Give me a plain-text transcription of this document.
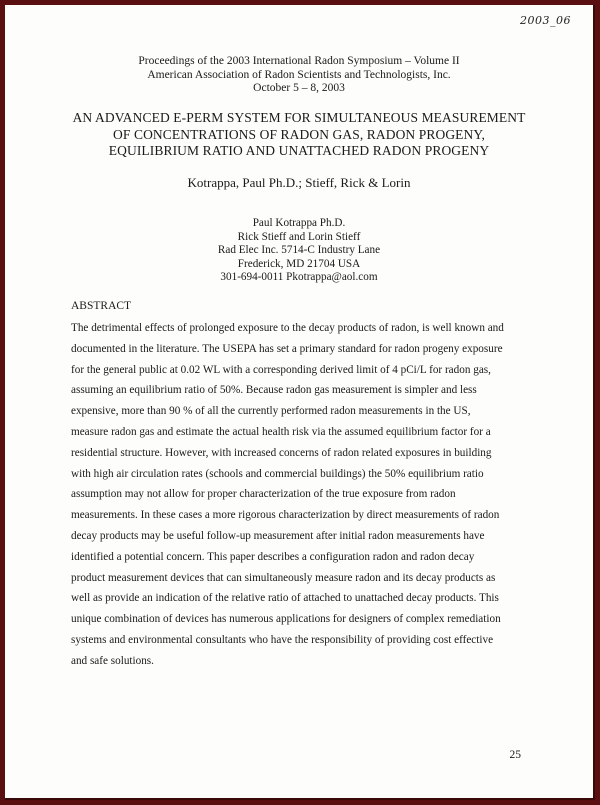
2003_06
Proceedings of the 2003 International Radon Symposium – Volume II
American Association of Radon Scientists and Technologists, Inc.
October 5 – 8, 2003
AN ADVANCED E-PERM SYSTEM FOR SIMULTANEOUS MEASUREMENT
OF CONCENTRATIONS OF RADON GAS, RADON PROGENY,
EQUILIBRIUM RATIO AND UNATTACHED RADON PROGENY
Kotrappa, Paul Ph.D.; Stieff, Rick & Lorin
Paul Kotrappa Ph.D.
Rick Stieff and Lorin Stieff
Rad Elec Inc. 5714-C Industry Lane
Frederick, MD 21704 USA
301-694-0011 Pkotrappa@aol.com
ABSTRACT
The detrimental effects of prolonged exposure to the decay products of radon, is well known and
documented in the literature. The USEPA has set a primary standard for radon progeny exposure
for the general public at 0.02 WL with a corresponding derived limit of 4 pCi/L for radon gas,
assuming an equilibrium ratio of 50%. Because radon gas measurement is simpler and less
expensive, more than 90 % of all the currently performed radon measurements in the US,
measure radon gas and estimate the actual health risk via the assumed equilibrium factor for a
residential structure. However, with increased concerns of radon related exposures in building
with high air circulation rates (schools and commercial buildings) the 50% equilibrium ratio
assumption may not allow for proper characterization of the true exposure from radon
measurements. In these cases a more rigorous characterization by direct measurements of radon
decay products may be useful follow-up measurement after initial radon measurements have
identified a potential concern. This paper describes a configuration radon and radon decay
product measurement devices that can simultaneously measure radon and its decay products as
well as provide an indication of the relative ratio of attached to unattached decay products. This
unique combination of devices has numerous applications for designers of complex remediation
systems and environmental consultants who have the responsibility of providing cost effective
and safe solutions.
25
